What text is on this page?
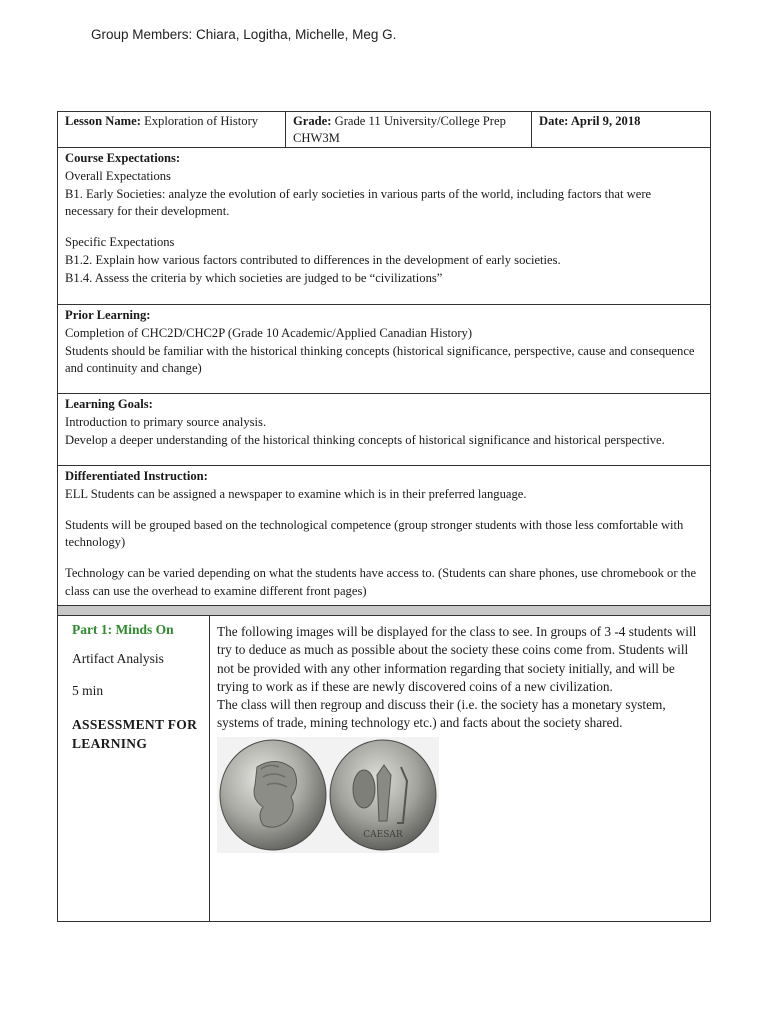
Group Members: Chiara, Logitha, Michelle, Meg G.
Lesson Name: Exploration of History	Grade: Grade 11 University/College Prep CHW3M
Date: April 9, 2018
Course Expectations:
Overall Expectations
B1. Early Societies: analyze the evolution of early societies in various parts of the world, including factors that were necessary for their development.
Specific Expectations
B1.2. Explain how various factors contributed to differences in the development of early societies.
B1.4. Assess the criteria by which societies are judged to be “civilizations”
Prior Learning:
Completion of CHC2D/CHC2P (Grade 10 Academic/Applied Canadian History)
Students should be familiar with the historical thinking concepts (historical significance, perspective, cause and consequence and continuity and change)
Learning Goals:
Introduction to primary source analysis.
Develop a deeper understanding of the historical thinking concepts of historical significance and historical perspective.
Differentiated Instruction:
ELL Students can be assigned a newspaper to examine which is in their preferred language.
Students will be grouped based on the technological competence (group stronger students with those less comfortable with technology)
Technology can be varied depending on what the students have access to. (Students can share phones, use chromebook or the class can use the overhead to examine different front pages)
Part 1: Minds On
Artifact Analysis
5 min
ASSESSMENT FOR LEARNING
The following images will be displayed for the class to see. In groups of 3 -4 students will try to deduce as much as possible about the society these coins come from. Students will not be provided with any other information regarding that society initially, and will be trying to work as if these are newly discovered coins of a new civilization.
The class will then regroup and discuss their (i.e. the society has a monetary system, systems of trade, mining technology etc.) and facts about the society shared.
CAESAR
